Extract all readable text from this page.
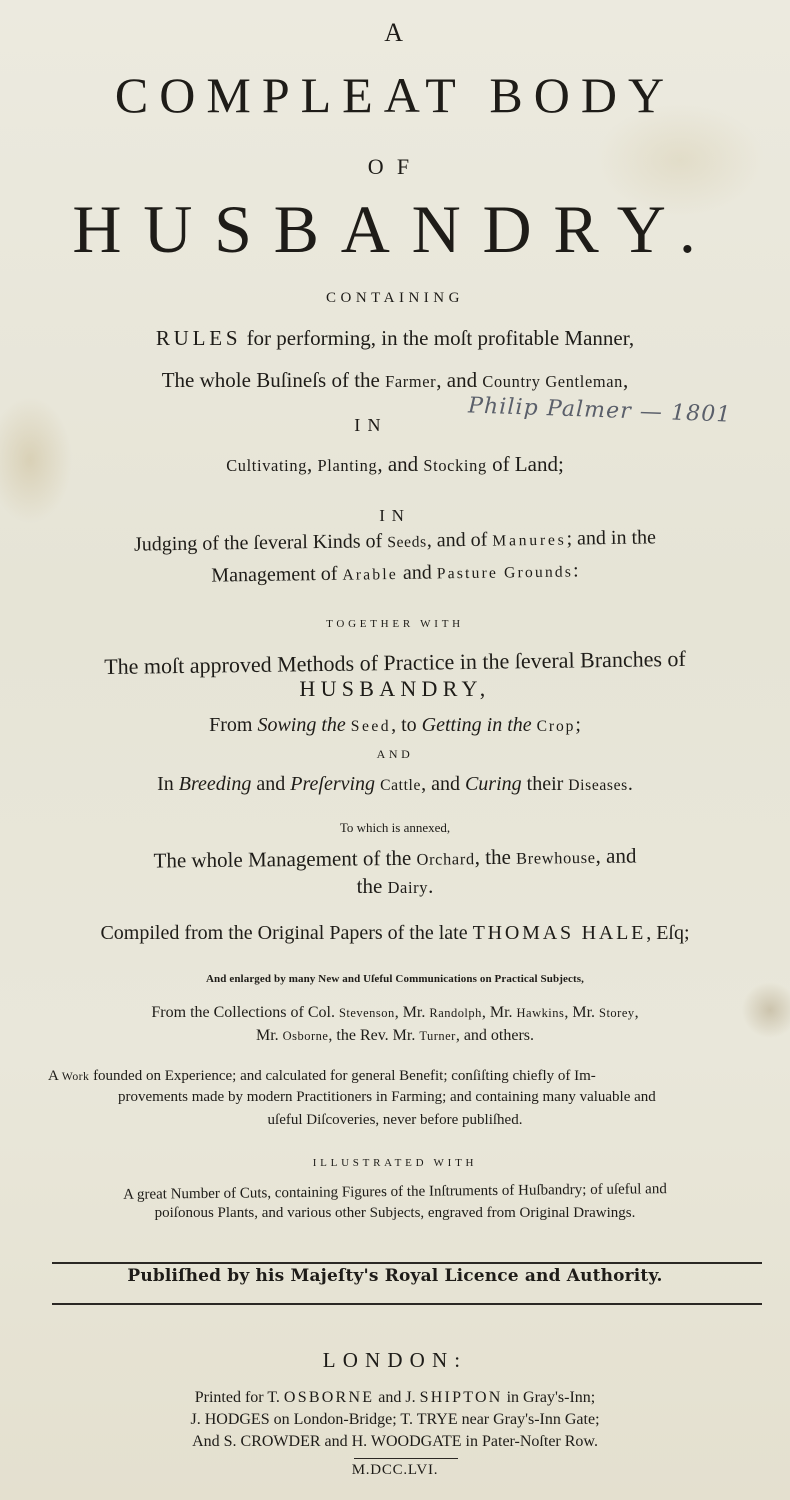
A
COMPLEAT BODY
OF
HUSBANDRY.
CONTAINING
RULES for performing, in the moſt profitable Manner,
The whole Buſineſs of the Farmer, and Country Gentleman,
IN	Philip Palmer — 1801
Cultivating, Planting, and Stocking of Land;
IN
Judging of the ſeveral Kinds of Seeds, and of Manures; and in the
Management of Arable and Pasture Grounds:
TOGETHER WITH
The moſt approved Methods of Practice in the ſeveral Branches of
HUSBANDRY,
From Sowing the Seed, to Getting in the Crop;
AND
In Breeding and Preſerving Cattle, and Curing their Diseases.
To which is annexed,
The whole Management of the Orchard, the Brewhouse, and
the Dairy.
Compiled from the Original Papers of the late THOMAS HALE, Eſq;
And enlarged by many New and Uſeful Communications on Practical Subjects,
From the Collections of Col. Stevenson, Mr. Randolph, Mr. Hawkins, Mr. Storey,
Mr. Osborne, the Rev. Mr. Turner, and others.
A Work founded on Experience; and calculated for general Benefit; conſiſting chiefly of Im-
provements made by modern Practitioners in Farming; and containing many valuable and
uſeful Diſcoveries, never before publiſhed.
ILLUSTRATED WITH
A great Number of Cuts, containing Figures of the Inſtruments of Huſbandry; of uſeful and
poiſonous Plants, and various other Subjects, engraved from Original Drawings.
Publiſhed by his Majeſty's Royal Licence and Authority.
LONDON:
Printed for T. OSBORNE and J. SHIPTON in Gray's-Inn;
J. HODGES on London-Bridge; T. TRYE near Gray's-Inn Gate;
And S. CROWDER and H. WOODGATE in Pater-Noſter Row.
M.DCC.LVI.
